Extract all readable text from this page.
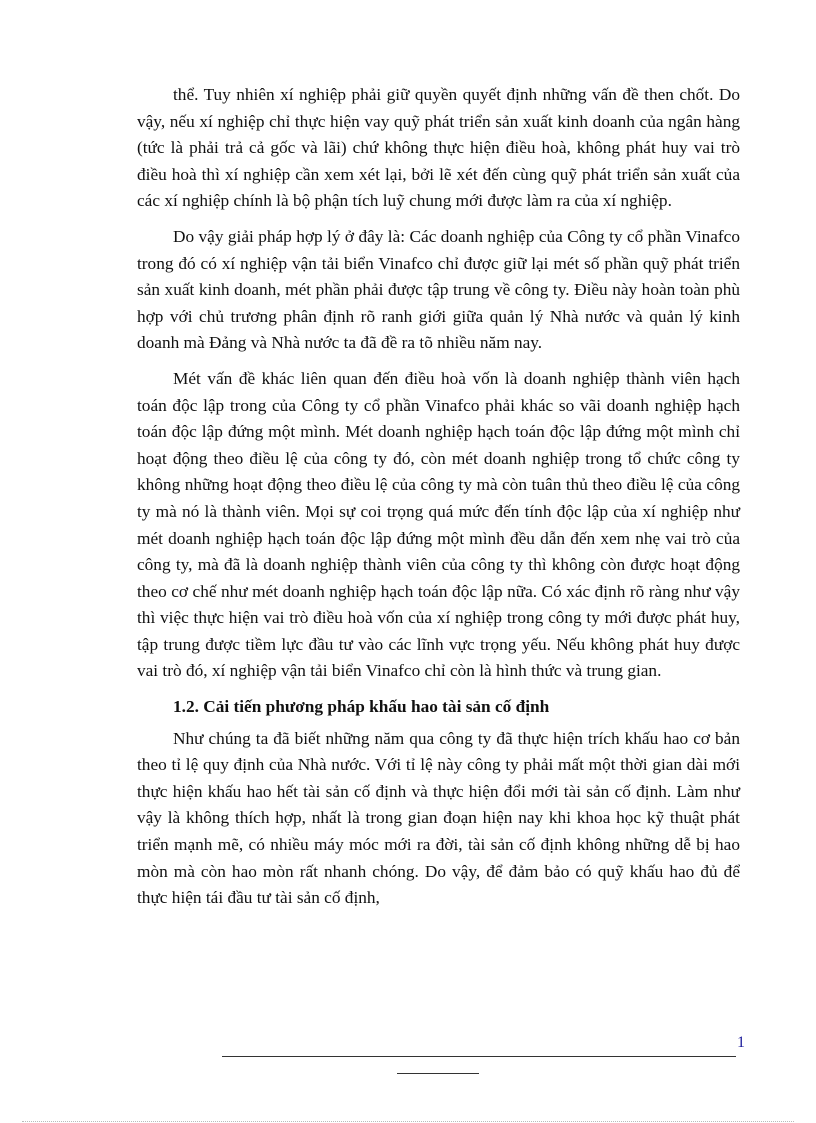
thể. Tuy nhiên xí nghiệp phải giữ quyền quyết định những vấn đề then chốt. Do vậy, nếu xí nghiệp chỉ thực hiện vay quỹ phát triển sản xuất kinh doanh của ngân hàng (tức là phải trả cả gốc và lãi) chứ không thực hiện điều hoà, không phát huy vai trò điều hoà thì xí nghiệp cần xem xét lại, bởi lẽ xét đến cùng quỹ phát triển sản xuất của các xí nghiệp chính là bộ phận tích luỹ chung mới được làm ra của xí nghiệp.

Do vậy giải pháp hợp lý ở đây là: Các doanh nghiệp của Công ty cổ phần Vinafco trong đó có xí nghiệp vận tải biển Vinafco chỉ được giữ lại mét số phần quỹ phát triển sản xuất kinh doanh, mét phần phải được tập trung về công ty. Điều này hoàn toàn phù hợp với chủ trương phân định rõ ranh giới giữa quản lý Nhà nước và quản lý kinh doanh mà Đảng và Nhà nước ta đã đề ra tõ nhiều năm nay.

Mét vấn đề khác liên quan đến điều hoà vốn là doanh nghiệp thành viên hạch toán độc lập trong của Công ty cổ phần Vinafco phải khác so vãi doanh nghiệp hạch toán độc lập đứng một mình. Mét doanh nghiệp hạch toán độc lập đứng một mình chỉ hoạt động theo điều lệ của công ty đó, còn mét doanh nghiệp trong tổ chức công ty không những hoạt động theo điều lệ của công ty mà còn tuân thủ theo điều lệ của công ty mà nó là thành viên. Mọi sự coi trọng quá mức đến tính độc lập của xí nghiệp như mét doanh nghiệp hạch toán độc lập đứng một mình đều dẫn đến xem nhẹ vai trò của công ty, mà đã là doanh nghiệp thành viên của công ty thì không còn được hoạt động theo cơ chế như mét doanh nghiệp hạch toán độc lập nữa. Có xác định rõ ràng như vậy thì việc thực hiện vai trò điều hoà vốn của xí nghiệp trong công ty mới được phát huy, tập trung được tiềm lực đầu tư vào các lĩnh vực trọng yếu. Nếu không phát huy được vai trò đó, xí nghiệp vận tải biển Vinafco chỉ còn là hình thức và trung gian.

1.2. Cải tiến phương pháp khấu hao tài sản cố định

Như chúng ta đã biết những năm qua công ty đã thực hiện trích khấu hao cơ bản theo tỉ lệ quy định của Nhà nước. Với tỉ lệ này công ty phải mất một thời gian dài mới thực hiện khấu hao hết tài sản cố định và thực hiện đổi mới tài sản cố định. Làm như vậy là không thích hợp, nhất là trong gian đoạn hiện nay khi khoa học kỹ thuật phát triển mạnh mẽ, có nhiều máy móc mới ra đời, tài sản cố định không những dễ bị hao mòn mà còn hao mòn rất nhanh chóng. Do vậy, để đảm bảo có quỹ khấu hao đủ để thực hiện tái đầu tư tài sản cố định,

1
